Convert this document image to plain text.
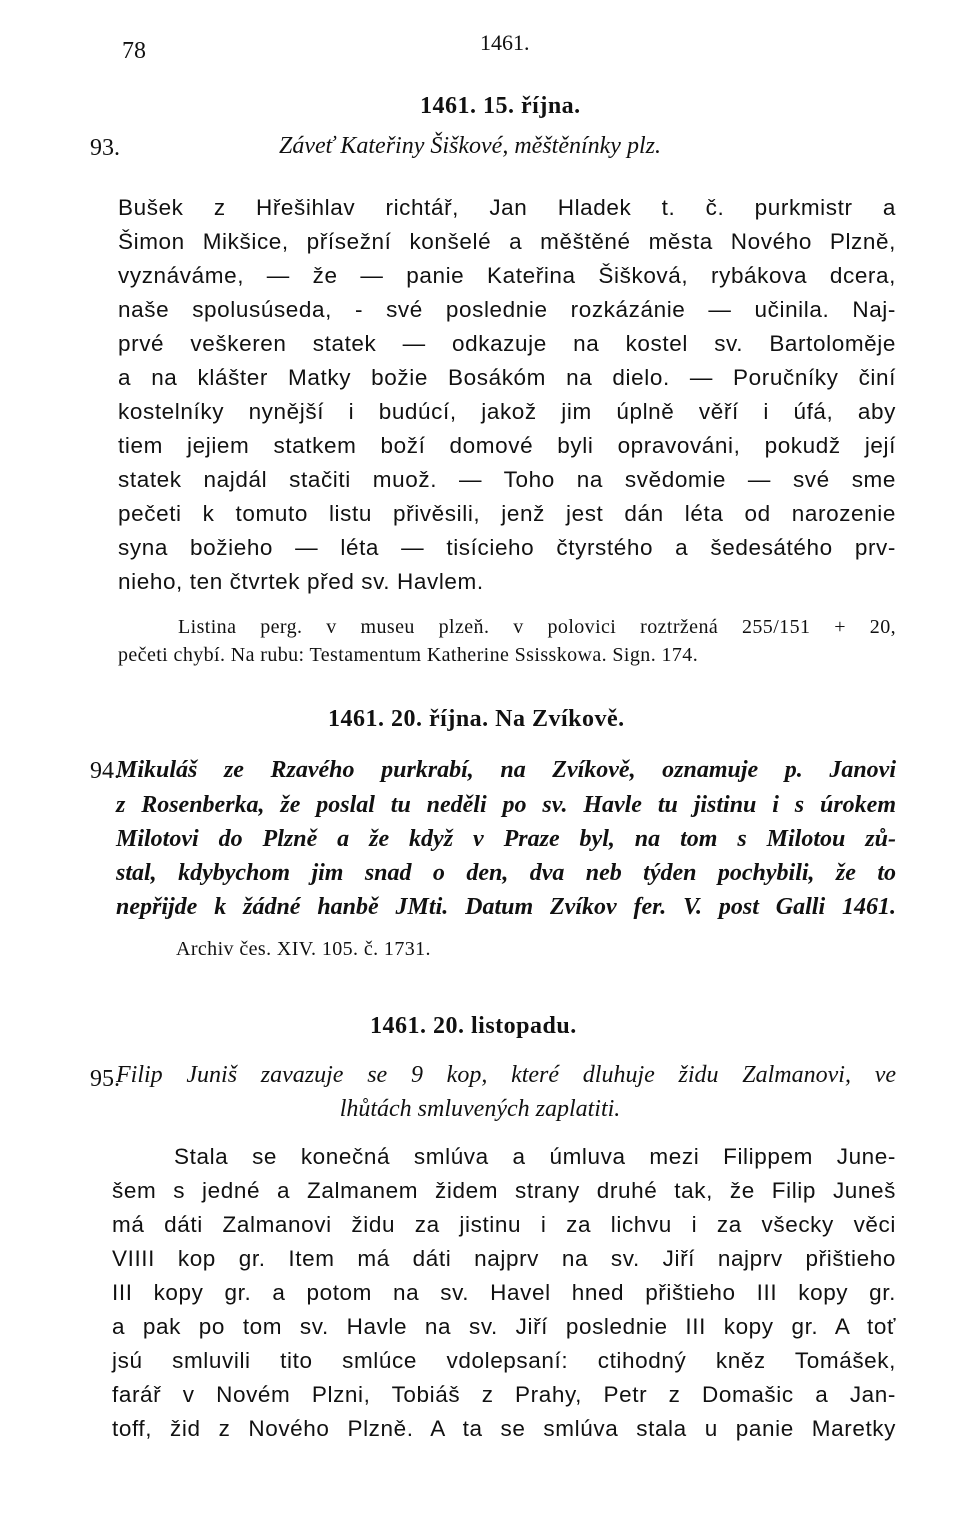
78	1461.
93.
1461. 15. října.
Záveť Kateřiny Šiškové, měštěnínky plz.
Bušek z Hřešihlav richtář, Jan Hladek t. č. purkmistr a
Šimon Mikšice, přísežní konšelé a měštěné města Nového Plzně,
vyznáváme, — že — panie Kateřina Šišková, rybákova dcera,
naše spolusúseda, - své poslednie rozkázánie — učinila. Naj-
prvé veškeren statek — odkazuje na kostel sv. Bartoloměje
a na klášter Matky božie Bosákóm na dielo. — Poručníky činí
kostelníky nynější i budúcí, jakož jim úplně věří i úfá, aby
tiem jejiem statkem boží domové byli opravováni, pokudž její
statek najdál stačiti muož. — Toho na svědomie — své sme
pečeti k tomuto listu přivěsili, jenž jest dán léta od narozenie
syna božieho — léta — tisícieho čtyrstého a šedesátého prv-
nieho, ten čtvrtek před sv. Havlem.
Listina perg. v museu plzeň. v polovici roztržená 255/151 + 20,
pečeti chybí. Na rubu: Testamentum Katherine Ssisskowa. Sign. 174.
1461. 20. října. Na Zvíkově.
94.
Mikuláš ze Rzavého purkrabí, na Zvíkově, oznamuje p. Janovi
z Rosenberka, že poslal tu neděli po sv. Havle tu jistinu i s úrokem
Milotovi do Plzně a že když v Praze byl, na tom s Milotou zů-
stal, kdybychom jim snad o den, dva neb týden pochybili, že to
nepřijde k žádné hanbě JMti. Datum Zvíkov fer. V. post Galli 1461.
Archiv čes. XIV. 105. č. 1731.
1461. 20. listopadu.
95.
Filip Juniš zavazuje se 9 kop, které dluhuje židu Zalmanovi, ve
lhůtách smluvených zaplatiti.
Stala se konečná smlúva a úmluva mezi Filippem June-
šem s jedné a Zalmanem židem strany druhé tak, že Filip Juneš
má dáti Zalmanovi židu za jistinu i za lichvu i za všecky věci
VIIII kop gr. Item má dáti najprv na sv. Jiří najprv přištieho
III kopy gr. a potom na sv. Havel hned přištieho III kopy gr.
a pak po tom sv. Havle na sv. Jiří poslednie III kopy gr. A toť
jsú smluvili tito smlúce vdolepsaní: ctihodný kněz Tomášek,
farář v Novém Plzni, Tobiáš z Prahy, Petr z Domašic a Jan-
toff, žid z Nového Plzně. A ta se smlúva stala u panie Maretky
